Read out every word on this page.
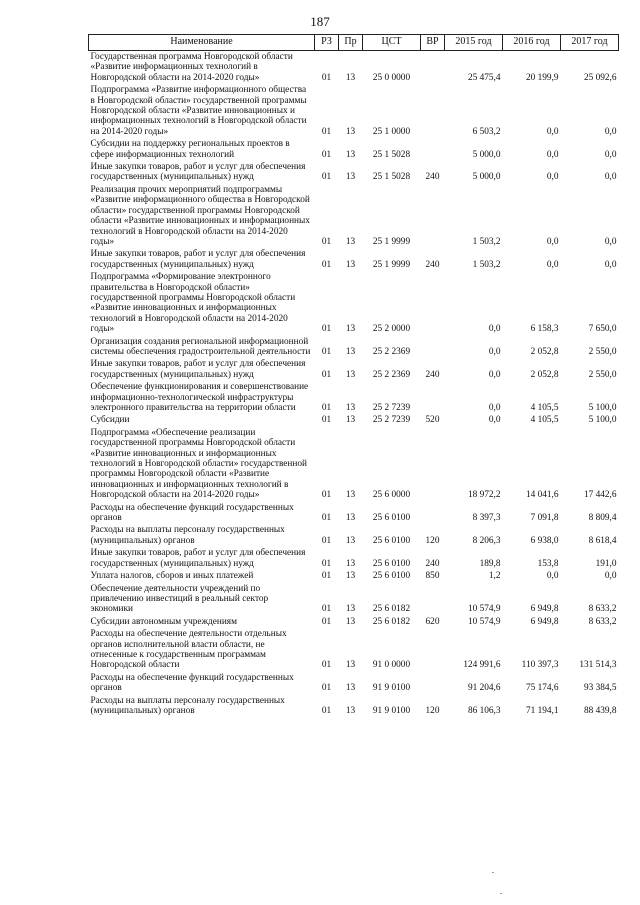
187
Наименование	РЗ	Пр	ЦСТ	ВР	2015 год	2016 год	2017 год
Государственная программа Новгородской области «Развитие информационных технологий в Новгородской области на 2014-2020 годы»	01	13	25 0 0000		25 475,4	20 199,9	25 092,6
Подпрограмма «Развитие информационного общества в Новгородской области» государственной программы Новгородской области «Развитие инновационных и информационных технологий в Новгородской области на 2014-2020 годы»	01	13	25 1 0000		6 503,2	0,0	0,0
Субсидии на поддержку региональных проектов в сфере информационных технологий	01	13	25 1 5028		5 000,0	0,0	0,0
Иные закупки товаров, работ и услуг для обеспечения государственных (муниципальных) нужд	01	13	25 1 5028	240	5 000,0	0,0	0,0
Реализация прочих мероприятий подпрограммы «Развитие информационного общества в Новгородской области» государственной программы Новгородской области «Развитие инновационных и информационных технологий в Новгородской области на 2014-2020 годы»	01	13	25 1 9999		1 503,2	0,0	0,0
Иные закупки товаров, работ и услуг для обеспечения государственных (муниципальных) нужд	01	13	25 1 9999	240	1 503,2	0,0	0,0
Подпрограмма «Формирование электронного правительства в Новгородской области» государственной программы Новгородской области «Развитие инновационных и информационных технологий в Новгородской области на 2014-2020 годы»	01	13	25 2 0000		0,0	6 158,3	7 650,0
Организация создания региональной информационной системы обеспечения градостроительной деятельности	01	13	25 2 2369		0,0	2 052,8	2 550,0
Иные закупки товаров, работ и услуг для обеспечения государственных (муниципальных) нужд	01	13	25 2 2369	240	0,0	2 052,8	2 550,0
Обеспечение функционирования и совершенствование информационно-технологической инфраструктуры электронного правительства на территории области	01	13	25 2 7239		0,0	4 105,5	5 100,0
Субсидии	01	13	25 2 7239	520	0,0	4 105,5	5 100,0
Подпрограмма «Обеспечение реализации государственной программы Новгородской области «Развитие инновационных и информационных технологий в Новгородской области» государственной программы Новгородской области «Развитие инновационных и информационных технологий в Новгородской области на 2014-2020 годы»	01	13	25 6 0000		18 972,2	14 041,6	17 442,6
Расходы на обеспечение функций государственных органов	01	13	25 6 0100		8 397,3	7 091,8	8 809,4
Расходы на выплаты персоналу государственных (муниципальных) органов	01	13	25 6 0100	120	8 206,3	6 938,0	8 618,4
Иные закупки товаров, работ и услуг для обеспечения государственных (муниципальных) нужд	01	13	25 6 0100	240	189,8	153,8	191,0
Уплата налогов, сборов и иных платежей	01	13	25 6 0100	850	1,2	0,0	0,0
Обеспечение деятельности учреждений по привлечению инвестиций в реальный сектор экономики	01	13	25 6 0182		10 574,9	6 949,8	8 633,2
Субсидии автономным учреждениям	01	13	25 6 0182	620	10 574,9	6 949,8	8 633,2
Расходы на обеспечение деятельности отдельных органов исполнительной власти области, не отнесенные к государственным программам Новгородской области	01	13	91 0 0000		124 991,6	110 397,3	131 514,3
Расходы на обеспечение функций государственных органов	01	13	91 9 0100		91 204,6	75 174,6	93 384,5
Расходы на выплаты персоналу государственных (муниципальных) органов	01	13	91 9 0100	120	86 106,3	71 194,1	88 439,8
